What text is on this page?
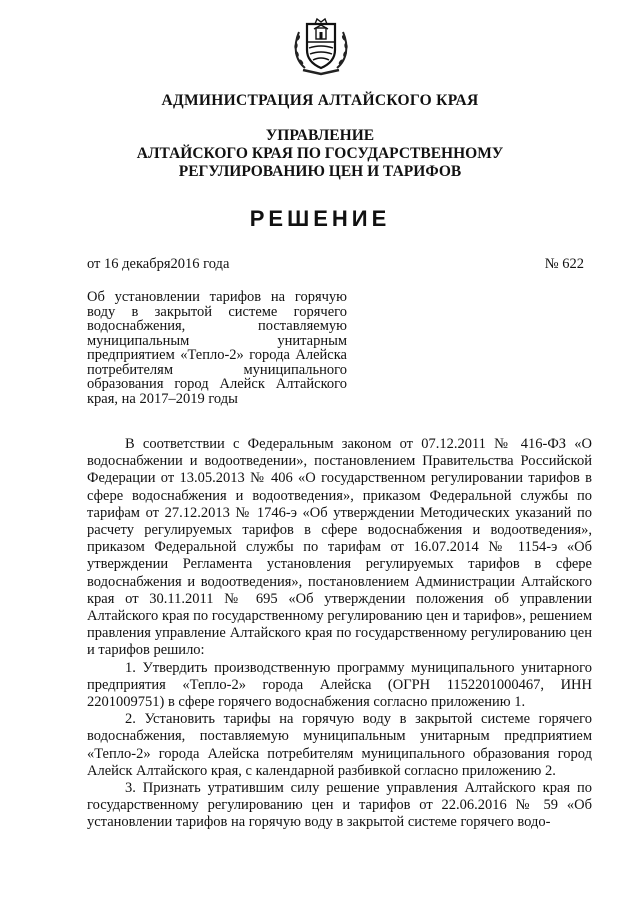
АДМИНИСТРАЦИЯ АЛТАЙСКОГО КРАЯ
УПРАВЛЕНИЕ
АЛТАЙСКОГО КРАЯ ПО ГОСУДАРСТВЕННОМУ
РЕГУЛИРОВАНИЮ ЦЕН И ТАРИФОВ
РЕШЕНИЕ
от 16 декабря2016 года	№ 622
Об установлении тарифов на горячую воду в закрытой системе горячего водоснабжения, поставляемую муниципальным унитарным предприятием «Тепло-2» города Алейска потребителям муниципального образования город Алейск Алтайского края, на 2017–2019 годы

В соответствии с Федеральным законом от 07.12.2011 № 416-ФЗ «О водоснабжении и водоотведении», постановлением Правительства Российской Федерации от 13.05.2013 № 406 «О государственном регулировании тарифов в сфере водоснабжения и водоотведения», приказом Федеральной службы по тарифам от 27.12.2013 № 1746-э «Об утверждении Методических указаний по расчету регулируемых тарифов в сфере водоснабжения и водоотведения», приказом Федеральной службы по тарифам от 16.07.2014 № 1154-э «Об утверждении Регламента установления регулируемых тарифов в сфере водоснабжения и водоотведения», постановлением Администрации Алтайского края от 30.11.2011 № 695 «Об утверждении положения об управлении Алтайского края по государственному регулированию цен и тарифов», решением правления управление Алтайского края по государственному регулированию цен и тарифов решило:

1. Утвердить производственную программу муниципального унитарного предприятия «Тепло-2» города Алейска (ОГРН 1152201000467, ИНН 2201009751) в сфере горячего водоснабжения согласно приложению 1.

2. Установить тарифы на горячую воду в закрытой системе горячего водоснабжения, поставляемую муниципальным унитарным предприятием «Тепло-2» города Алейска потребителям муниципального образования город Алейск Алтайского края, с календарной разбивкой согласно приложению 2.

3. Признать утратившим силу решение управления Алтайского края по государственному регулированию цен и тарифов от 22.06.2016 № 59 «Об установлении тарифов на горячую воду в закрытой системе горячего водо-
